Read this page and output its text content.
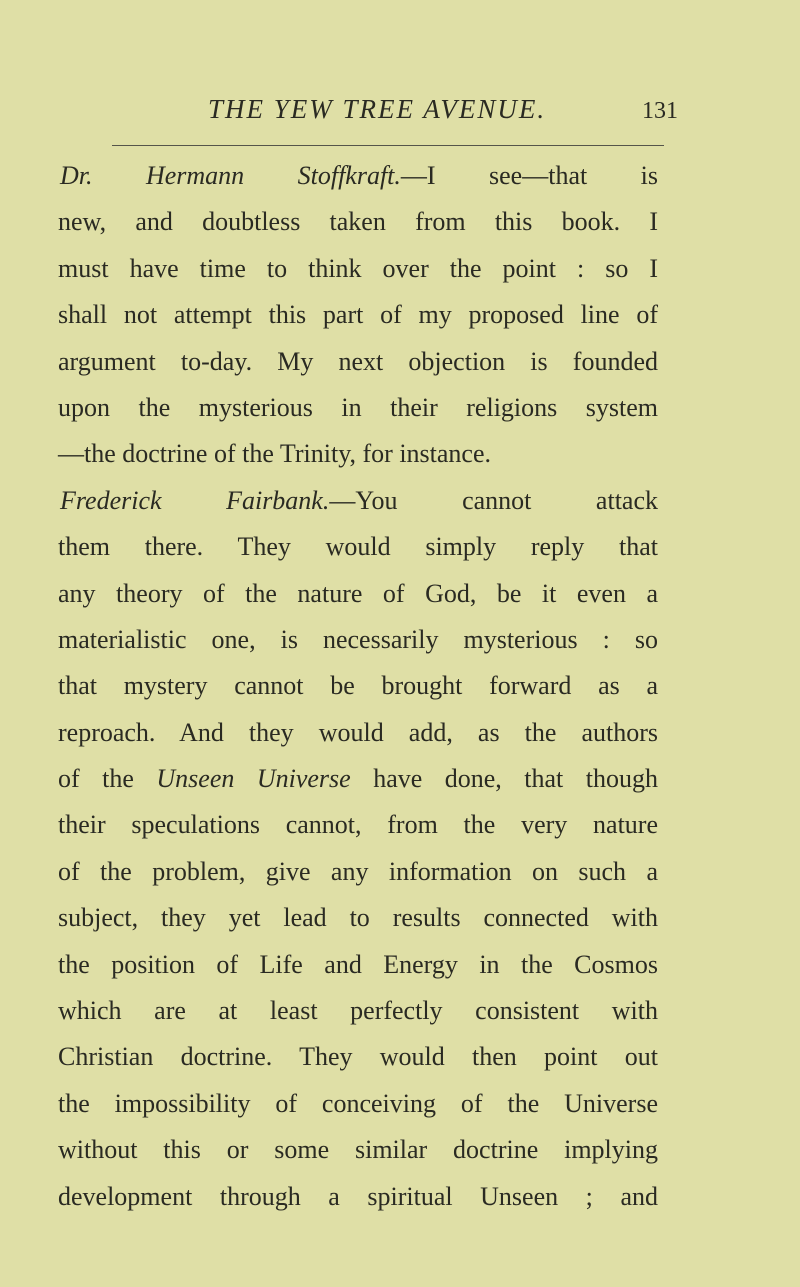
THE YEW TREE AVENUE.	131
Dr. Hermann Stoffkraft.—I see—that is
new, and doubtless taken from this book. I
must have time to think over the point : so I
shall not attempt this part of my proposed line of
argument to-day. My next objection is founded
upon the mysterious in their religions system
—the doctrine of the Trinity, for instance.
Frederick Fairbank.—You cannot attack
them there. They would simply reply that
any theory of the nature of God, be it even a
materialistic one, is necessarily mysterious : so
that mystery cannot be brought forward as a
reproach. And they would add, as the authors
of the Unseen Universe have done, that though
their speculations cannot, from the very nature
of the problem, give any information on such a
subject, they yet lead to results connected with
the position of Life and Energy in the Cosmos
which are at least perfectly consistent with
Christian doctrine. They would then point out
the impossibility of conceiving of the Universe
without this or some similar doctrine implying
development through a spiritual Unseen ; and
